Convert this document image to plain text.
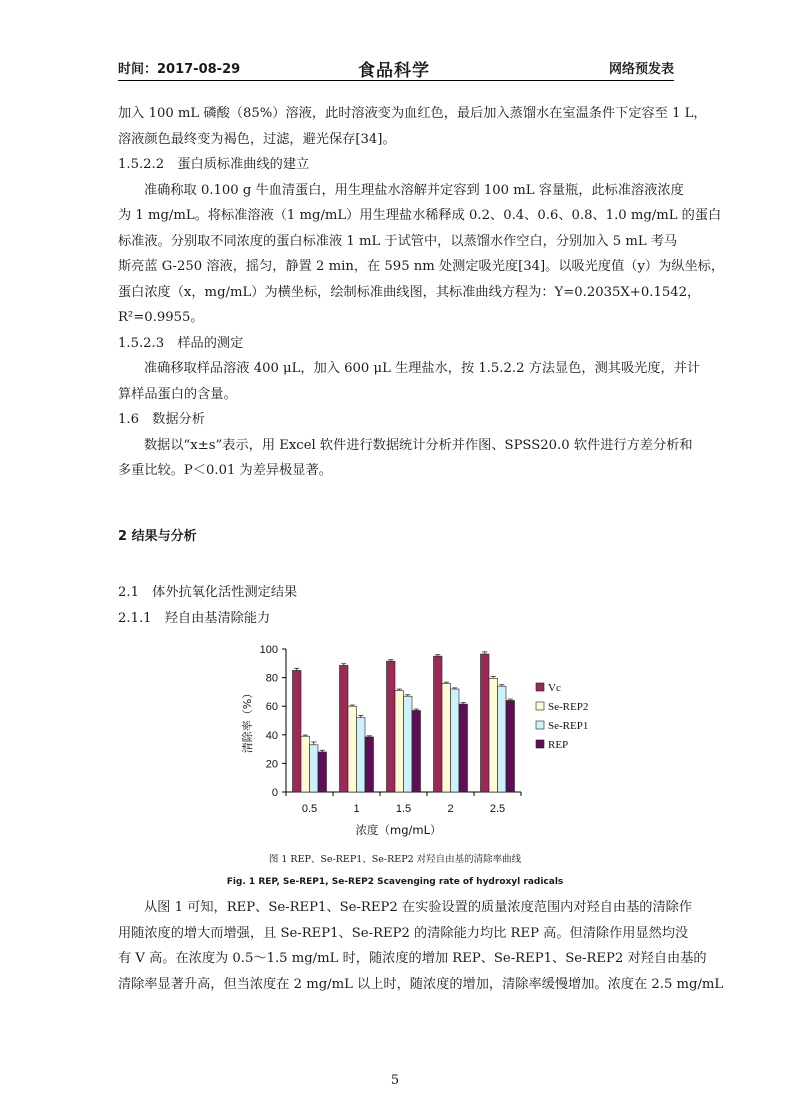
时间：2017-08-29	食品科学	网络预发表

加入 100 mL 磷酸（85%）溶液，此时溶液变为血红色，最后加入蒸馏水在室温条件下定容至 1 L，

溶液颜色最终变为褐色，过滤，避光保存[34]。

1.5.2.2　蛋白质标准曲线的建立

准确称取 0.100 g 牛血清蛋白，用生理盐水溶解并定容到 100 mL 容量瓶，此标准溶液浓度

为 1 mg/mL。将标准溶液（1 mg/mL）用生理盐水稀释成 0.2、0.4、0.6、0.8、1.0 mg/mL 的蛋白

标准液。分别取不同浓度的蛋白标准液 1 mL 于试管中，以蒸馏水作空白，分别加入 5 mL 考马

斯亮蓝 G-250 溶液，摇匀，静置 2 min，在 595 nm 处测定吸光度[34]。以吸光度值（y）为纵坐标，

蛋白浓度（x，mg/mL）为横坐标，绘制标准曲线图，其标准曲线方程为：Y=0.2035X+0.1542，

R²=0.9955。

1.5.2.3　样品的测定

准确移取样品溶液 400 μL，加入 600 μL 生理盐水，按 1.5.2.2 方法显色，测其吸光度，并计

算样品蛋白的含量。

1.6　数据分析

数据以“x±s”表示，用 Excel 软件进行数据统计分析并作图、SPSS20.0 软件进行方差分析和

多重比较。P＜0.01 为差异极显著。

2 结果与分析

2.1　体外抗氧化活性测定结果

2.1.1　羟自由基清除能力

0
20
40
60
80
100
0.5	1	1.5	2	2.5
清除率（%）
浓度（mg/mL）
Vc
Se-REP2
Se-REP1
REP
图 1 REP、Se-REP1、Se-REP2 对羟自由基的清除率曲线
Fig. 1 REP, Se-REP1, Se-REP2 Scavenging rate of hydroxyl radicals

从图 1 可知，REP、Se-REP1、Se-REP2 在实验设置的质量浓度范围内对羟自由基的清除作

用随浓度的增大而增强，且 Se-REP1、Se-REP2 的清除能力均比 REP 高。但清除作用显然均没

有 V 高。在浓度为 0.5～1.5 mg/mL 时，随浓度的增加 REP、Se-REP1、Se-REP2 对羟自由基的

清除率显著升高，但当浓度在 2 mg/mL 以上时，随浓度的增加，清除率缓慢增加。浓度在 2.5 mg/mL

5
